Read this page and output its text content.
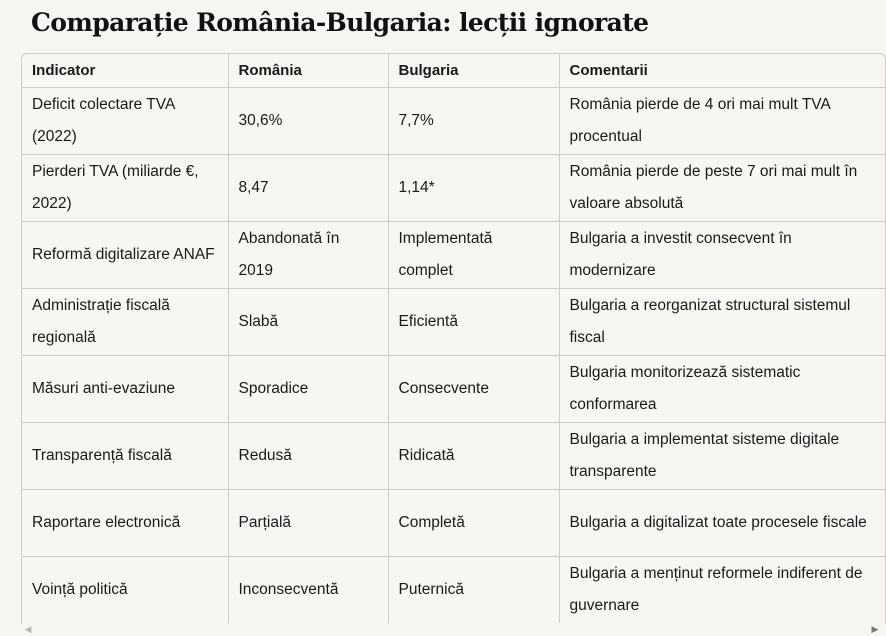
Comparație România-Bulgaria: lecții ignorate
Indicator	România	Bulgaria	Comentarii
Deficit colectare TVA (2022)	30,6%	7,7%	România pierde de 4 ori mai mult TVA procentual
Pierderi TVA (miliarde €, 2022)	8,47	1,14*	România pierde de peste 7 ori mai mult în valoare absolută
Reformă digitalizare ANAF	Abandonată în 2019	Implementată complet	Bulgaria a investit consecvent în modernizare
Administrație fiscală regională	Slabă	Eficientă	Bulgaria a reorganizat structural sistemul fiscal
Măsuri anti-evaziune	Sporadice	Consecvente	Bulgaria monitorizează sistematic conformarea
Transparență fiscală	Redusă	Ridicată	Bulgaria a implementat sisteme digitale transparente
Raportare electronică	Parțială	Completă	Bulgaria a digitalizat toate procesele fiscale
Voință politică	Inconsecventă	Puternică	Bulgaria a menținut reformele indiferent de guvernare
◀	▶
